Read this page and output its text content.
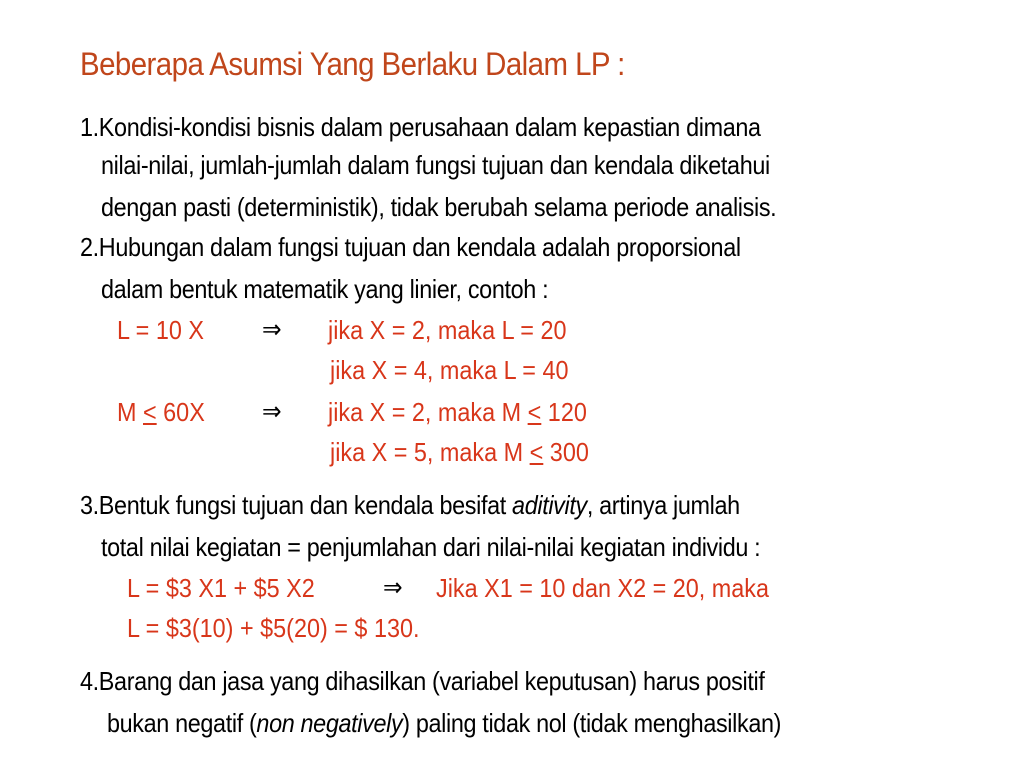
Beberapa Asumsi Yang Berlaku Dalam LP :
1.Kondisi-kondisi bisnis dalam perusahaan dalam kepastian dimana
nilai-nilai, jumlah-jumlah dalam fungsi tujuan dan kendala diketahui
dengan pasti (deterministik), tidak berubah selama periode analisis.
2.Hubungan dalam fungsi tujuan dan kendala adalah proporsional
dalam bentuk matematik yang linier, contoh :
L = 10 X ⇒ jika X = 2, maka L = 20
jika X = 4, maka L = 40
M ≤ 60X ⇒ jika X = 2, maka M ≤ 120
jika X = 5, maka M ≤ 300
3.Bentuk fungsi tujuan dan kendala besifat aditivity, artinya jumlah
total nilai kegiatan = penjumlahan dari nilai-nilai kegiatan individu :
L = $3 X1 + $5 X2	⇒ Jika X1 = 10 dan X2 = 20, maka
L = $3(10) + $5(20) = $ 130.
4.Barang dan jasa yang dihasilkan (variabel keputusan) harus positif
bukan negatif (non negatively) paling tidak nol (tidak menghasilkan)
